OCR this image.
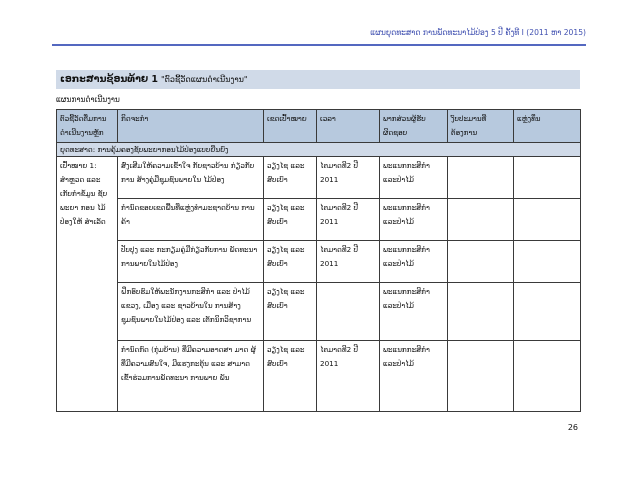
ແຜນຍຸດທະສາດ ການພັດທະນາໄມ້ປ່ອງ 5 ປີ ຄັ້ງທີ I (2011 ຫາ 2015)
ເອກະສານຊ້ອນທ້າຍ 1 "ຕົວຊີ້ວັດແຜນດຳເນີນງານ"
ແຜນການດຳເນີນງານ
ຕົວຊີ້ວັດຕື່ມການດຳເນີນງານຫຼັກ	ກິດຈະກຳ	ເຂດເປົ້າໝາຍ	ເວລາ	ພາກສ່ວນຜູ້ຮັບຜິດຊອບ	ງົບປະມານທີ່ຕ້ອງການ	ແຫຼ່ງທຶນ
ຍຸດທະສາດ: ການຄຸ້ມຄອງຊັບພະຍາກອນໄມ້ປ່ອງແບບຍືນຍົງ						
ເປົ້າໝາຍ 1: ສຳຫຼວດ ແລະ ເກັບກຳຂໍ້ມູນ ຊັບພະຍາ ກອນ ໄມ້ປ່ອງໃຫ້ ສຳເລັດ	ສົ່ງເສີມໃຫ້ຄວາມເຂົ້າໃຈ ກັບຊາວບ້ານ ກ່ຽວກັບການ ສ້າງຄູ່ມືຊຸມຊົນພາຍໃນ ໄມ້ປ່ອງ	ວຽງໄຊ ແລະ ສົບເບົາ	ໄຕມາດທີ2 ປີ 2011	ພະແນກກະສິກຳ ແລະປ່າໄມ້		
	ກຳນົດຂອບເຂດພື້ນທີ່ແຫຼ່ງທຳມະຊາດບ້ານ ການຄ້າ	ວຽງໄຊ ແລະ ສົບເບົາ	ໄຕມາດທີ2 ປີ 2011	ພະແນກກະສິກຳ ແລະປ່າໄມ້		
	ປັບປຸງ ແລະ ກະກຽມຄູ່ມືກ່ຽວກັບການ ພັດທະນາການພາຍໃນໄມ້ປ່ອງ	ວຽງໄຊ ແລະ ສົບເບົາ	ໄຕມາດທີ2 ປີ 2011	ພະແນກກະສິກຳ ແລະປ່າໄມ້		
	ຝຶກອົບຮົມໃຫ້ພະນັກງານກະສິກຳ ແລະ ປ່າໄມ້ແຂວງ, ເມືອງ ແລະ ຊາວບ້ານໃນ ການສ້າງຊຸມຊົນພາຍໃນໄມ້ປ່ອງ ແລະ ເຕັກນິກວິຊາການ	ວຽງໄຊ ແລະ ສົບເບົາ		ພະແນກກະສິກຳ ແລະປ່າໄມ້		
	ກຳນົດກົດ (ກຸ່ມບ້ານ) ທີ່ມີຄວາມອາດສາ ມາດ ຜູ້ທີ່ມີຄວາມສົນໃຈ, ມີແຮງກະຕຸ້ນ ແລະ ສາມາດເຂົ້າຮ່ວມການພັດທະນາ ການພາຍ ພັນ	ວຽງໄຊ ແລະ ສົບເບົາ	ໄຕມາດທີ2 ປີ 2011	ພະແນກກະສິກຳ ແລະປ່າໄມ້		
26
